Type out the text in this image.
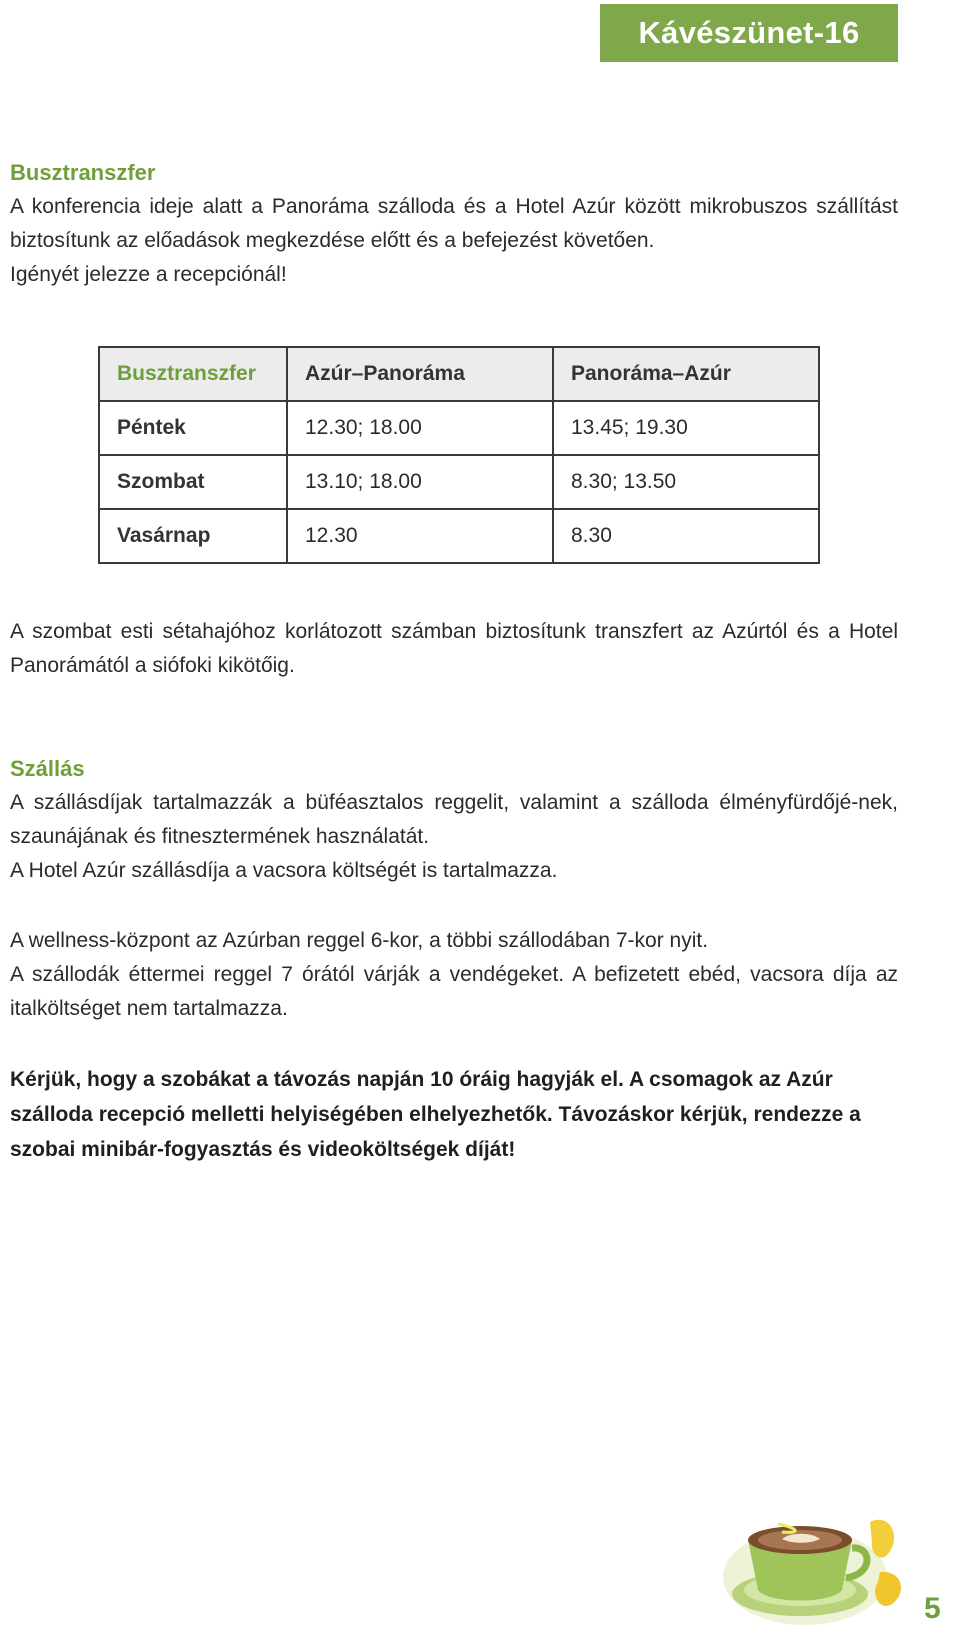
Kávészünet-16

Busztranszfer

A konferencia ideje alatt a Panoráma szálloda és a Hotel Azúr között mikrobuszos szállítást biztosítunk az előadások megkezdése előtt és a befejezést követően.

Igényét jelezze a recepciónál!

Busztranszfer	Azúr–Panoráma	Panoráma–Azúr
Péntek	12.30; 18.00	13.45; 19.30
Szombat	13.10; 18.00	8.30; 13.50
Vasárnap	12.30	8.30

A szombat esti sétahajóhoz korlátozott számban biztosítunk transzfert az Azúrtól és a Hotel Panorámától a siófoki kikötőig.

Szállás

A szállásdíjak tartalmazzák a büféasztalos reggelit, valamint a szálloda élményfürdőjé-nek, szaunájának és fitnesztermének használatát.

A Hotel Azúr szállásdíja a vacsora költségét is tartalmazza.

A wellness-központ az Azúrban reggel 6-kor, a többi szállodában 7-kor nyit.

A szállodák éttermei reggel 7 órától várják a vendégeket. A befizetett ebéd, vacsora díja az italköltséget nem tartalmazza.

Kérjük, hogy a szobákat a távozás napján 10 óráig hagyják el. A csomagok az Azúr szálloda recepció melletti helyiségében elhelyezhetők. Távozáskor kérjük, rendezze a szobai minibár-fogyasztás és videoköltségek díját!

5
